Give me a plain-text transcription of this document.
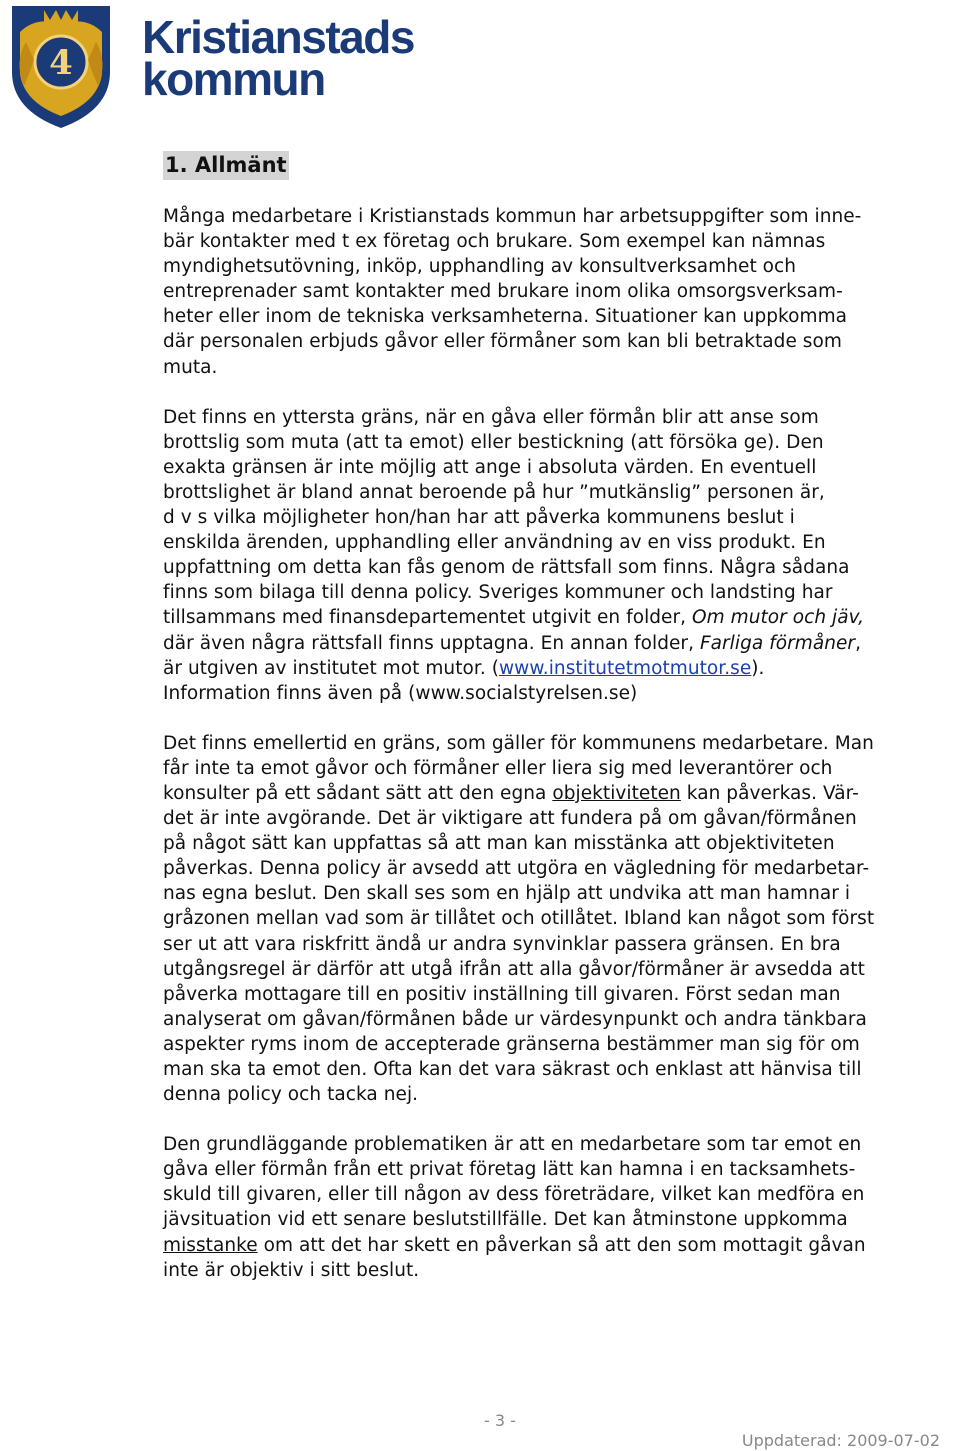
4 Kristianstads
kommun
1. Allmänt

Många medarbetare i Kristianstads kommun har arbetsuppgifter som inne-
bär kontakter med t ex företag och brukare. Som exempel kan nämnas
myndighetsutövning, inköp, upphandling av konsultverksamhet och
entreprenader samt kontakter med brukare inom olika omsorgsverksam-
heter eller inom de tekniska verksamheterna. Situationer kan uppkomma
där personalen erbjuds gåvor eller förmåner som kan bli betraktade som
muta.

Det finns en yttersta gräns, när en gåva eller förmån blir att anse som
brottslig som muta (att ta emot) eller bestickning (att försöka ge). Den
exakta gränsen är inte möjlig att ange i absoluta värden. En eventuell
brottslighet är bland annat beroende på hur ”mutkänslig” personen är,
d v s vilka möjligheter hon/han har att påverka kommunens beslut i
enskilda ärenden, upphandling eller användning av en viss produkt. En
uppfattning om detta kan fås genom de rättsfall som finns. Några sådana
finns som bilaga till denna policy. Sveriges kommuner och landsting har
tillsammans med finansdepartementet utgivit en folder, Om mutor och jäv,
där även några rättsfall finns upptagna. En annan folder, Farliga förmåner,
är utgiven av institutet mot mutor. (www.institutetmotmutor.se).
Information finns även på (www.socialstyrelsen.se)

Det finns emellertid en gräns, som gäller för kommunens medarbetare. Man
får inte ta emot gåvor och förmåner eller liera sig med leverantörer och
konsulter på ett sådant sätt att den egna objektiviteten kan påverkas. Vär-
det är inte avgörande. Det är viktigare att fundera på om gåvan/förmånen
på något sätt kan uppfattas så att man kan misstänka att objektiviteten
påverkas. Denna policy är avsedd att utgöra en vägledning för medarbetar-
nas egna beslut. Den skall ses som en hjälp att undvika att man hamnar i
gråzonen mellan vad som är tillåtet och otillåtet. Ibland kan något som först
ser ut att vara riskfritt ändå ur andra synvinklar passera gränsen. En bra
utgångsregel är därför att utgå ifrån att alla gåvor/förmåner är avsedda att
påverka mottagare till en positiv inställning till givaren. Först sedan man
analyserat om gåvan/förmånen både ur värdesynpunkt och andra tänkbara
aspekter ryms inom de accepterade gränserna bestämmer man sig för om
man ska ta emot den. Ofta kan det vara säkrast och enklast att hänvisa till
denna policy och tacka nej.

Den grundläggande problematiken är att en medarbetare som tar emot en
gåva eller förmån från ett privat företag lätt kan hamna i en tacksamhets-
skuld till givaren, eller till någon av dess företrädare, vilket kan medföra en
jävsituation vid ett senare beslutstillfälle. Det kan åtminstone uppkomma
misstanke om att det har skett en påverkan så att den som mottagit gåvan
inte är objektiv i sitt beslut.

- 3 -
Uppdaterad: 2009-07-02
